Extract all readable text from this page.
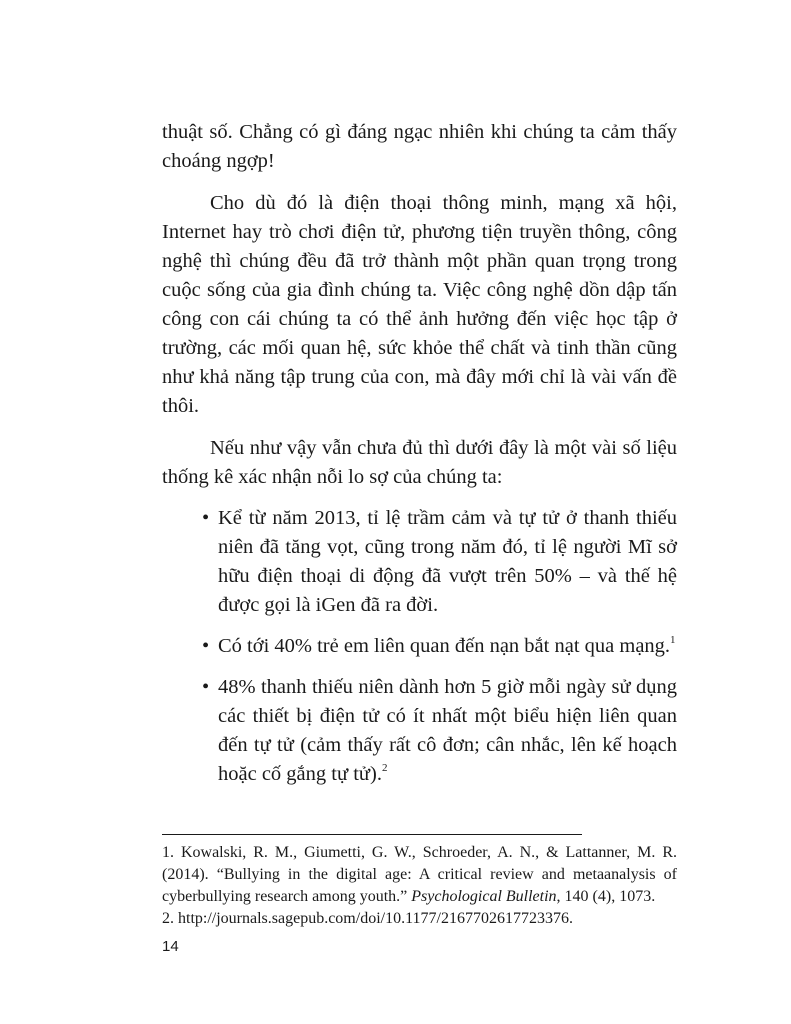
thuật số. Chẳng có gì đáng ngạc nhiên khi chúng ta cảm thấy choáng ngợp!

Cho dù đó là điện thoại thông minh, mạng xã hội, Internet hay trò chơi điện tử, phương tiện truyền thông, công nghệ thì chúng đều đã trở thành một phần quan trọng trong cuộc sống của gia đình chúng ta. Việc công nghệ dồn dập tấn công con cái chúng ta có thể ảnh hưởng đến việc học tập ở trường, các mối quan hệ, sức khỏe thể chất và tinh thần cũng như khả năng tập trung của con, mà đây mới chỉ là vài vấn đề thôi.

Nếu như vậy vẫn chưa đủ thì dưới đây là một vài số liệu thống kê xác nhận nỗi lo sợ của chúng ta:

• Kể từ năm 2013, tỉ lệ trầm cảm và tự tử ở thanh thiếu niên đã tăng vọt, cũng trong năm đó, tỉ lệ người Mĩ sở hữu điện thoại di động đã vượt trên 50% – và thế hệ được gọi là iGen đã ra đời.
• Có tới 40% trẻ em liên quan đến nạn bắt nạt qua mạng.$^1$
• 48% thanh thiếu niên dành hơn 5 giờ mỗi ngày sử dụng các thiết bị điện tử có ít nhất một biểu hiện liên quan đến tự tử (cảm thấy rất cô đơn; cân nhắc, lên kế hoạch hoặc cố gắng tự tử).$^2$

1. Kowalski, R. M., Giumetti, G. W., Schroeder, A. N., & Lattanner, M. R. (2014). “Bullying in the digital age: A critical review and metaanalysis of cyberbullying research among youth.” Psychological Bulletin, 140 (4), 1073.

2. http://journals.sagepub.com/doi/10.1177/2167702617723376.

14
